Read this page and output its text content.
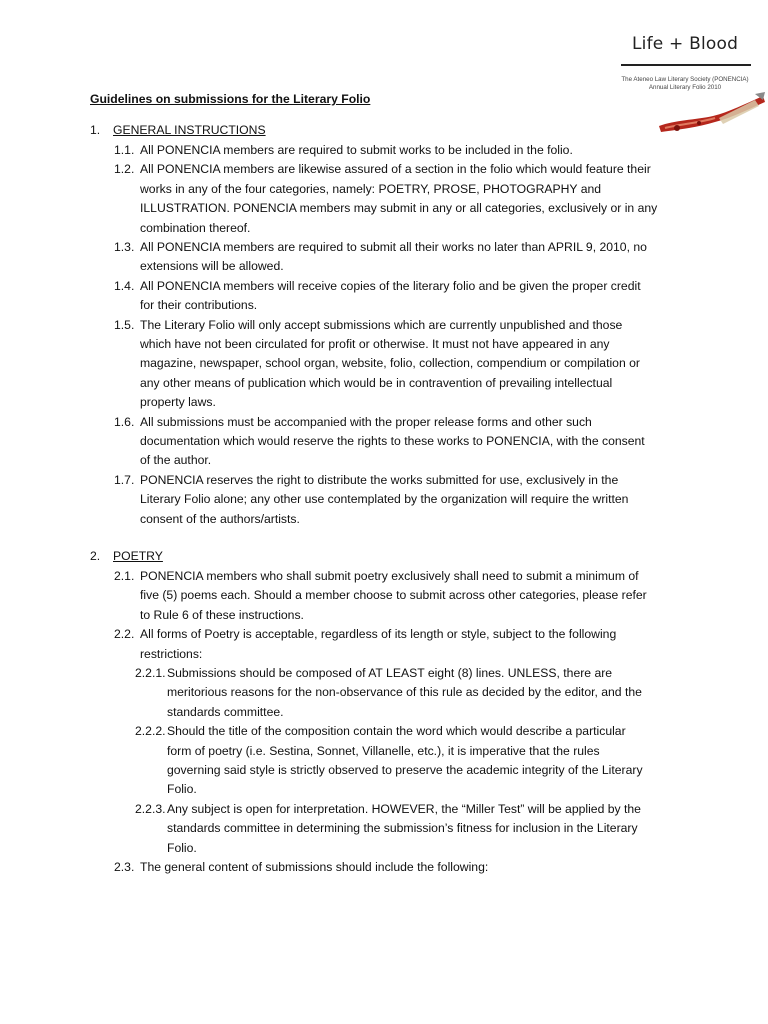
Life + Blood
The Ateneo Law Literary Society (PONENCIA)
Annual Literary Folio 2010
Guidelines on submissions for the Literary Folio
1. GENERAL INSTRUCTIONS
1.1. All PONENCIA members are required to submit works to be included in the folio.
1.2. All PONENCIA members are likewise assured of a section in the folio which would feature their
works in any of the four categories, namely: POETRY, PROSE, PHOTOGRAPHY and
ILLUSTRATION. PONENCIA members may submit in any or all categories, exclusively or in any
combination thereof.
1.3. All PONENCIA members are required to submit all their works no later than APRIL 9, 2010, no
extensions will be allowed.
1.4. All PONENCIA members will receive copies of the literary folio and be given the proper credit
for their contributions.
1.5. The Literary Folio will only accept submissions which are currently unpublished and those
which have not been circulated for profit or otherwise. It must not have appeared in any
magazine, newspaper, school organ, website, folio, collection, compendium or compilation or
any other means of publication which would be in contravention of prevailing intellectual
property laws.
1.6. All submissions must be accompanied with the proper release forms and other such
documentation which would reserve the rights to these works to PONENCIA, with the consent
of the author.
1.7. PONENCIA reserves the right to distribute the works submitted for use, exclusively in the
Literary Folio alone; any other use contemplated by the organization will require the written
consent of the authors/artists.
2. POETRY
2.1. PONENCIA members who shall submit poetry exclusively shall need to submit a minimum of
five (5) poems each. Should a member choose to submit across other categories, please refer
to Rule 6 of these instructions.
2.2. All forms of Poetry is acceptable, regardless of its length or style, subject to the following
restrictions:
2.2.1. Submissions should be composed of AT LEAST eight (8) lines. UNLESS, there are
meritorious reasons for the non-observance of this rule as decided by the editor, and the
standards committee.
2.2.2. Should the title of the composition contain the word which would describe a particular
form of poetry (i.e. Sestina, Sonnet, Villanelle, etc.), it is imperative that the rules
governing said style is strictly observed to preserve the academic integrity of the Literary
Folio.
2.2.3. Any subject is open for interpretation. HOWEVER, the “Miller Test” will be applied by the
standards committee in determining the submission’s fitness for inclusion in the Literary
Folio.
2.3. The general content of submissions should include the following:
